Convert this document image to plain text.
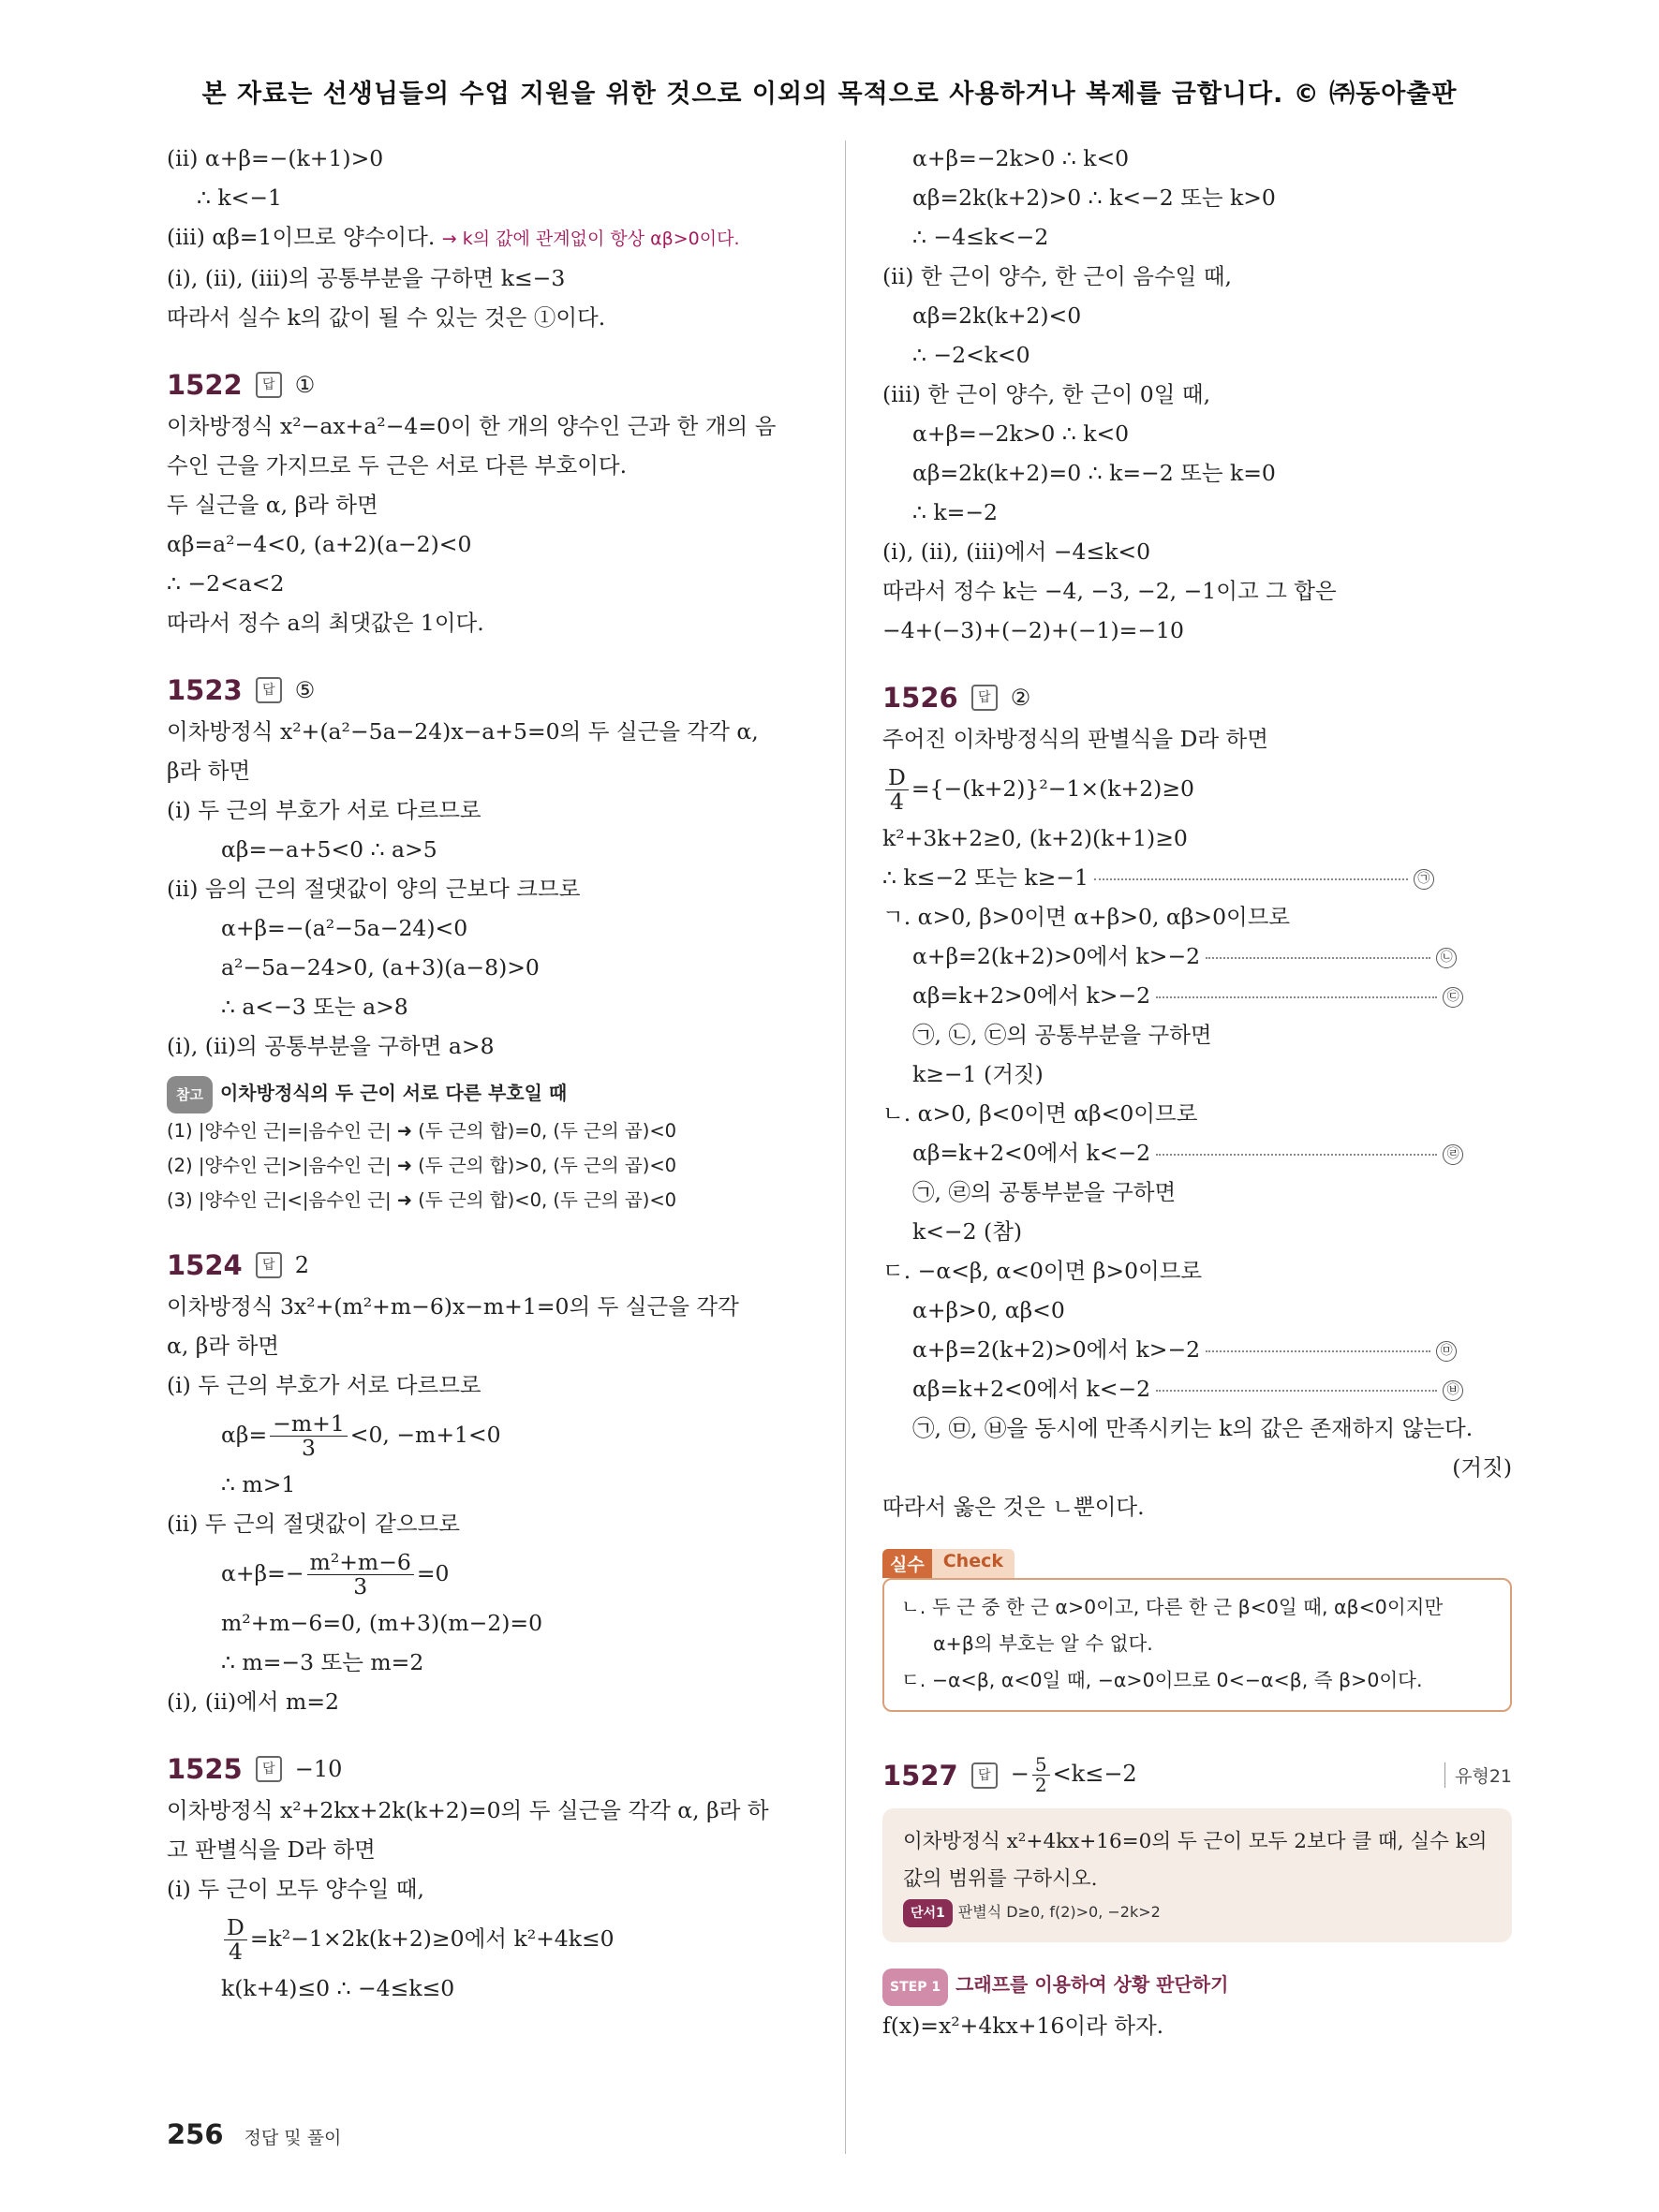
본 자료는 선생님들의 수업 지원을 위한 것으로 이외의 목적으로 사용하거나 복제를 금합니다. © ㈜동아출판
(ii) α+β=−(k+1)>0
∴ k<−1
(iii) αβ=1이므로 양수이다. → k의 값에 관계없이 항상 αβ>0이다.
(i), (ii), (iii)의 공통부분을 구하면 k≤−3
따라서 실수 k의 값이 될 수 있는 것은 ①이다.
1522	답 ①
이차방정식 x²−ax+a²−4=0이 한 개의 양수인 근과 한 개의 음
수인 근을 가지므로 두 근은 서로 다른 부호이다.
두 실근을 α, β라 하면
αβ=a²−4<0, (a+2)(a−2)<0
∴ −2<a<2
따라서 정수 a의 최댓값은 1이다.
1523	답 ⑤
이차방정식 x²+(a²−5a−24)x−a+5=0의 두 실근을 각각 α,
β라 하면
(i) 두 근의 부호가 서로 다르므로
αβ=−a+5<0 ∴ a>5
(ii) 음의 근의 절댓값이 양의 근보다 크므로
α+β=−(a²−5a−24)<0
a²−5a−24>0, (a+3)(a−8)>0
∴ a<−3 또는 a>8
(i), (ii)의 공통부분을 구하면 a>8
참고 이차방정식의 두 근이 서로 다른 부호일 때
(1) |양수인 근|=|음수인 근| ➜ (두 근의 합)=0, (두 근의 곱)<0
(2) |양수인 근|>|음수인 근| ➜ (두 근의 합)>0, (두 근의 곱)<0
(3) |양수인 근|<|음수인 근| ➜ (두 근의 합)<0, (두 근의 곱)<0
1524	답 2
이차방정식 3x²+(m²+m−6)x−m+1=0의 두 실근을 각각
α, β라 하면
(i) 두 근의 부호가 서로 다르므로
$\alpha\beta= \frac{-m+1}{3} <0$, −m+1<0
∴ m>1
(ii) 두 근의 절댓값이 같으므로
$\alpha+\beta=- \frac{\text{m²+m−6}}{3} =0$
m²+m−6=0, (m+3)(m−2)=0
∴ m=−3 또는 m=2
(i), (ii)에서 m=2
1525	답 −10
이차방정식 x²+2kx+2k(k+2)=0의 두 실근을 각각 α, β라 하
고 판별식을 D라 하면
(i) 두 근이 모두 양수일 때,
$\frac{D}{4} =k^2-1\times 2k(k+2)\ge 0$에서 k²+4k≤0
k(k+4)≤0 ∴ −4≤k≤0
α+β=−2k>0 ∴ k<0
αβ=2k(k+2)>0 ∴ k<−2 또는 k>0
∴ −4≤k<−2
(ii) 한 근이 양수, 한 근이 음수일 때,
αβ=2k(k+2)<0
∴ −2<k<0
(iii) 한 근이 양수, 한 근이 0일 때,
α+β=−2k>0 ∴ k<0
αβ=2k(k+2)=0 ∴ k=−2 또는 k=0
∴ k=−2
(i), (ii), (iii)에서 −4≤k<0
따라서 정수 k는 −4, −3, −2, −1이고 그 합은
−4+(−3)+(−2)+(−1)=−10
1526	답 ②
주어진 이차방정식의 판별식을 D라 하면
$\frac{D}{4} =\{-(k+2)\}^2-1\times(k+2)\ge 0$
k²+3k+2≥0, (k+2)(k+1)≥0
∴ k≤−2 또는 k≥−1	㉠
ㄱ. α>0, β>0이면 α+β>0, αβ>0이므로
α+β=2(k+2)>0에서 k>−2	㉡
αβ=k+2>0에서 k>−2	㉢
㉠, ㉡, ㉢의 공통부분을 구하면
k≥−1 (거짓)
ㄴ. α>0, β<0이면 αβ<0이므로
αβ=k+2<0에서 k<−2	㉣
㉠, ㉣의 공통부분을 구하면
k<−2 (참)
ㄷ. −α<β, α<0이면 β>0이므로
α+β>0, αβ<0
α+β=2(k+2)>0에서 k>−2	㉤
αβ=k+2<0에서 k<−2	㉥
㉠, ㉤, ㉥을 동시에 만족시키는 k의 값은 존재하지 않는다.
(거짓)
따라서 옳은 것은 ㄴ뿐이다.
실수	Check
ㄴ. 두 근 중 한 근 α>0이고, 다른 한 근 β<0일 때, αβ<0이지만
α+β의 부호는 알 수 없다.
ㄷ. −α<β, α<0일 때, −α>0이므로 0<−α<β, 즉 β>0이다.
1527	답 − $\frac{5}{2} <k\le-2$	유형21
이차방정식 x²+4kx+16=0의 두 근이 모두 2보다 클 때, 실수 k의
값의 범위를 구하시오.
단서1 판별식 D≥0, f(2)>0, −2k>2
STEP 1 그래프를 이용하여 상황 판단하기
f(x)=x²+4kx+16이라 하자.
256 정답 및 풀이
